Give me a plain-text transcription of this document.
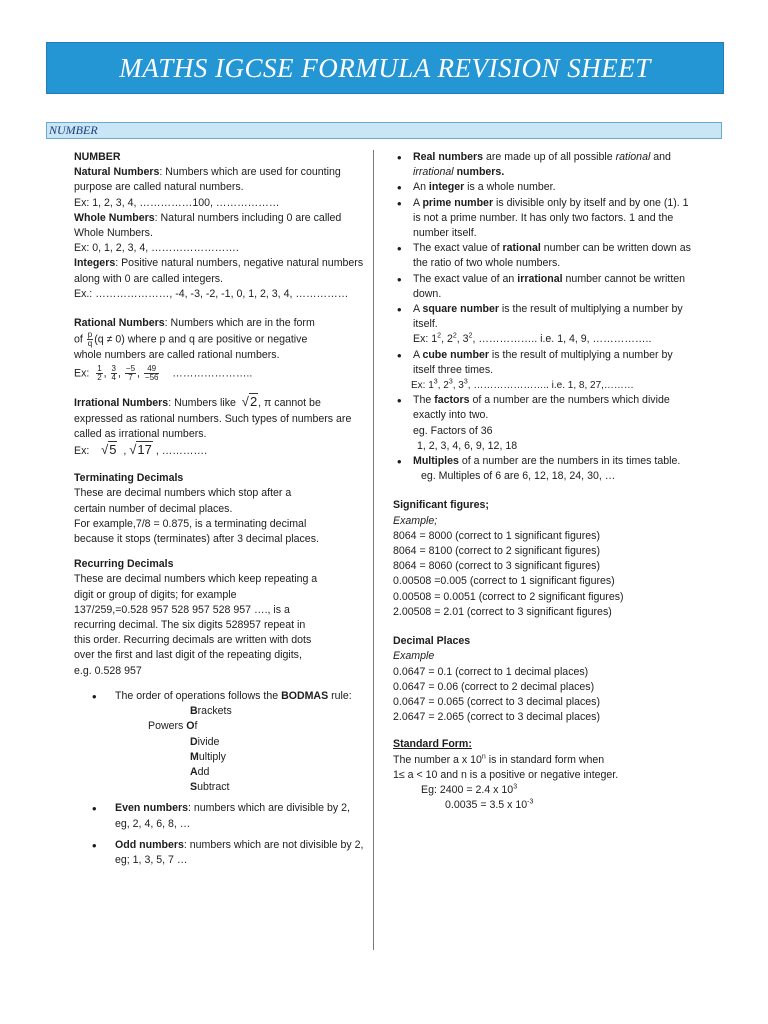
MATHS IGCSE FORMULA REVISION SHEET
NUMBER

NUMBER

Natural Numbers: Numbers which are used for counting purpose are called natural numbers.

Ex: 1, 2, 3, 4, ……………100, ………………

Whole Numbers: Natural numbers including 0 are called Whole Numbers.

Ex: 0, 1, 2, 3, 4, …………………….

Integers: Positive natural numbers, negative natural numbers along with 0 are called integers.

Ex.: …………………, -4, -3, -2, -1, 0, 1, 2, 3, 4, ……………

Rational Numbers: Numbers which are in the form

of $\frac{p}{q} (q \ne 0)$ where p and q are positive or negative

whole numbers are called rational numbers.

Ex: $\frac{1}{2}$ , $\frac{3}{4}$ , $\frac{-5}{7}$ , $\frac{49}{-56}$ …………………..

Irrational Numbers: Numbers like √2, π cannot be expressed as rational numbers. Such types of numbers are called as irrational numbers.

Ex: √5  , √17 , ………….

Terminating Decimals

These are decimal numbers which stop after a

certain number of decimal places.

For example,7/8 = 0.875, is a terminating decimal

because it stops (terminates) after 3 decimal places.

Recurring Decimals

These are decimal numbers which keep repeating a

digit or group of digits; for example

137/259,=0.528 957 528 957 528 957 …., is a

recurring decimal. The six digits 528957 repeat in

this order. Recurring decimals are written with dots

over the first and last digit of the repeating digits,

e.g. 0.528 957

• The order of operations follows the BODMAS rule:

Brackets

Powers Of

Divide

Multiply

Add

Subtract

• Even numbers: numbers which are divisible by 2, eg, 2, 4, 6, 8, …

• Odd numbers: numbers which are not divisible by 2, eg; 1, 3, 5, 7 …

• Real numbers are made up of all possible rational and irrational numbers.

• An integer is a whole number.

• A prime number is divisible only by itself and by one (1). 1 is not a prime number. It has only two factors. 1 and the number itself.

• The exact value of rational number can be written down as the ratio of two whole numbers.

• The exact value of an irrational number cannot be written down.

• A square number is the result of multiplying a number by itself.

Ex: $1^2$, $2^2$, $3^2$, …………….. i.e. 1, 4, 9, ……………..

• A cube number is the result of multiplying a number by itself three times.

Ex: $1^3$, $2^3$, $3^3$, ………………….. i.e. 1, 8, 27,………

• The factors of a number are the numbers which divide exactly into two.

eg. Factors of 36

1, 2, 3, 4, 6, 9, 12, 18

• Multiples of a number are the numbers in its times table.

eg. Multiples of 6 are 6, 12, 18, 24, 30, …

Significant figures;

Example;

8064 = 8000 (correct to 1 significant figures)

8064 = 8100 (correct to 2 significant figures)

8064 = 8060 (correct to 3 significant figures)

0.00508 =0.005 (correct to 1 significant figures)

0.00508 = 0.0051 (correct to 2 significant figures)

2.00508 = 2.01 (correct to 3 significant figures)

Decimal Places

Example

0.0647 = 0.1 (correct to 1 decimal places)

0.0647 = 0.06 (correct to 2 decimal places)

0.0647 = 0.065 (correct to 3 decimal places)

2.0647 = 2.065 (correct to 3 decimal places)

Standard Form:

The number a x 10$^n$ is in standard form when

1≤ a < 10 and n is a positive or negative integer.

Eg: 2400 = 2.4 x $10^3$

0.0035 = 3.5 x $10^{-3}$
